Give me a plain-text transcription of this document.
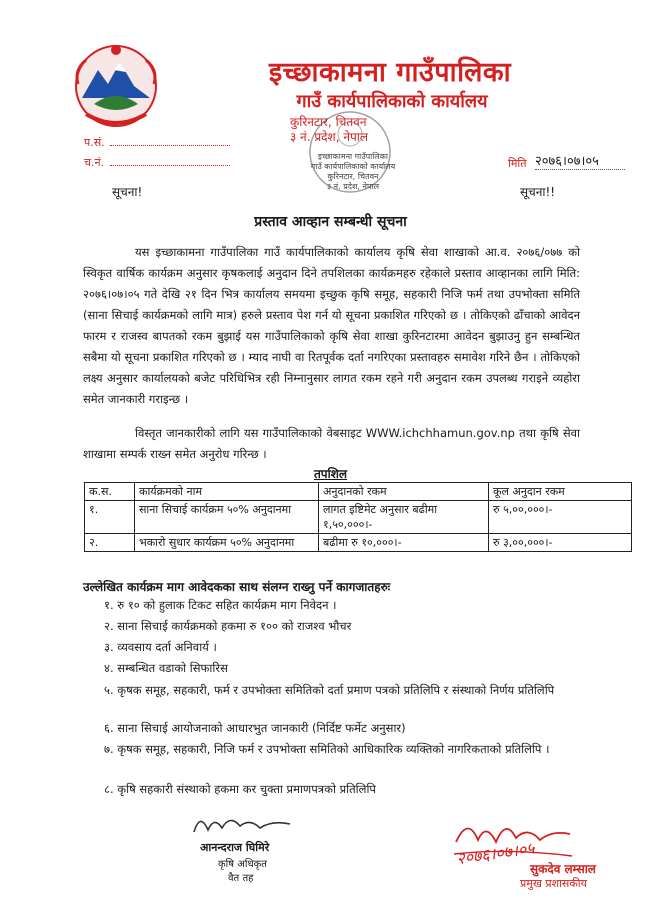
इच्छाकामना गाउँपालिका
गाउँ कार्यपालिकाको कार्यालय
कुरिनटार, चितवन
३ नं. प्रदेश, नेपाल
इच्छाकामना गाउँपालिका
गाउँ कार्यपालिकाको कार्यालय
कुरिनटार, चितवन
३ नं. प्रदेश, नेपाल
प.सं.
च.नं.	मिति २०७६।०७।०५
सूचना!	सूचना!!
प्रस्ताव आव्हान सम्बन्धी सूचना
यस इच्छाकामना गाउँपालिका गाउँ कार्यपालिकाको कार्यालय कृषि सेवा शाखाको आ.व. २०७६/०७७ को स्विकृत वार्षिक कार्यक्रम अनुसार कृषकलाई अनुदान दिने तपशिलका कार्यक्रमहरु रहेकाले प्रस्ताव आव्हानका लागि मिति: २०७६।०७।०५ गते देखि २१ दिन भित्र कार्यालय समयमा इच्छुक कृषि समूह, सहकारी निजि फर्म तथा उपभोक्ता समिति (साना सिचाई कार्यक्रमको लागि मात्र) हरुले प्रस्ताव पेश गर्न यो सूचना प्रकाशित गरिएको छ । तोकिएको ढाँचाको आवेदन फारम र राजस्व बापतको रकम बुझाई यस गाउँपालिकाको कृषि सेवा शाखा कुरिनटारमा आवेदन बुझाउनु हुन सम्बन्धित सबैमा यो सूचना प्रकाशित गरिएको छ । म्याद नाघी वा रितपूर्वक दर्ता नगरिएका प्रस्तावहरु समावेश गरिने छैन । तोकिएको लक्ष्य अनुसार कार्यालयको बजेट परिधिभित्र रही निम्नानुसार लागत रकम रहने गरी अनुदान रकम उपलब्ध गराइने व्यहोरा समेत जानकारी गराइन्छ ।
विस्तृत जानकारीको लागि यस गाउँपालिकाको वेबसाइट WWW.ichchhamun.gov.np तथा कृषि सेवा शाखामा सम्पर्क राख्न समेत अनुरोध गरिन्छ ।
तपशिल
क.स.	कार्यक्रमको नाम	अनुदानको रकम	कूल अनुदान रकम
१.	साना सिचाई कार्यक्रम ५०% अनुदानमा	लागत इष्टिमेट अनुसार बढीमा १,५०,०००।-	रु ५,००,०००।-
२.	भकारो सुधार कार्यक्रम ५०% अनुदानमा	बढीमा रु १०,०००।-	रु ३,००,०००।-
उल्लेखित कार्यक्रम माग आवेदकका साथ संलग्न राख्नु पर्ने कागजातहरुः
१. रु १० को हुलाक टिकट सहित कार्यक्रम माग निवेदन ।
२. साना सिचाई कार्यक्रमको हकमा रु १०० को राजश्व भौचर
३. व्यवसाय दर्ता अनिवार्य ।
४. सम्बन्धित वडाको सिफारिस
५. कृषक समूह, सहकारी, फर्म र उपभोक्ता समितिको दर्ता प्रमाण पत्रको प्रतिलिपि र संस्थाको निर्णय प्रतिलिपि
६. साना सिचाई आयोजनाको आधारभुत जानकारी (निर्दिष्ट फर्मेट अनुसार)
७. कृषक समूह, सहकारी, निजि फर्म र उपभोक्ता समितिको आधिकारिक व्यक्तिको नागरिकताको प्रतिलिपि ।
८. कृषि सहकारी संस्थाको हकमा कर चुक्ता प्रमाणपत्रको प्रतिलिपि
आनन्दराज घिमिरे
कृषि अधिकृत
वैत तह
२०७६।०७।०५
सुकदेव लम्साल
प्रमुख प्रशासकीय
